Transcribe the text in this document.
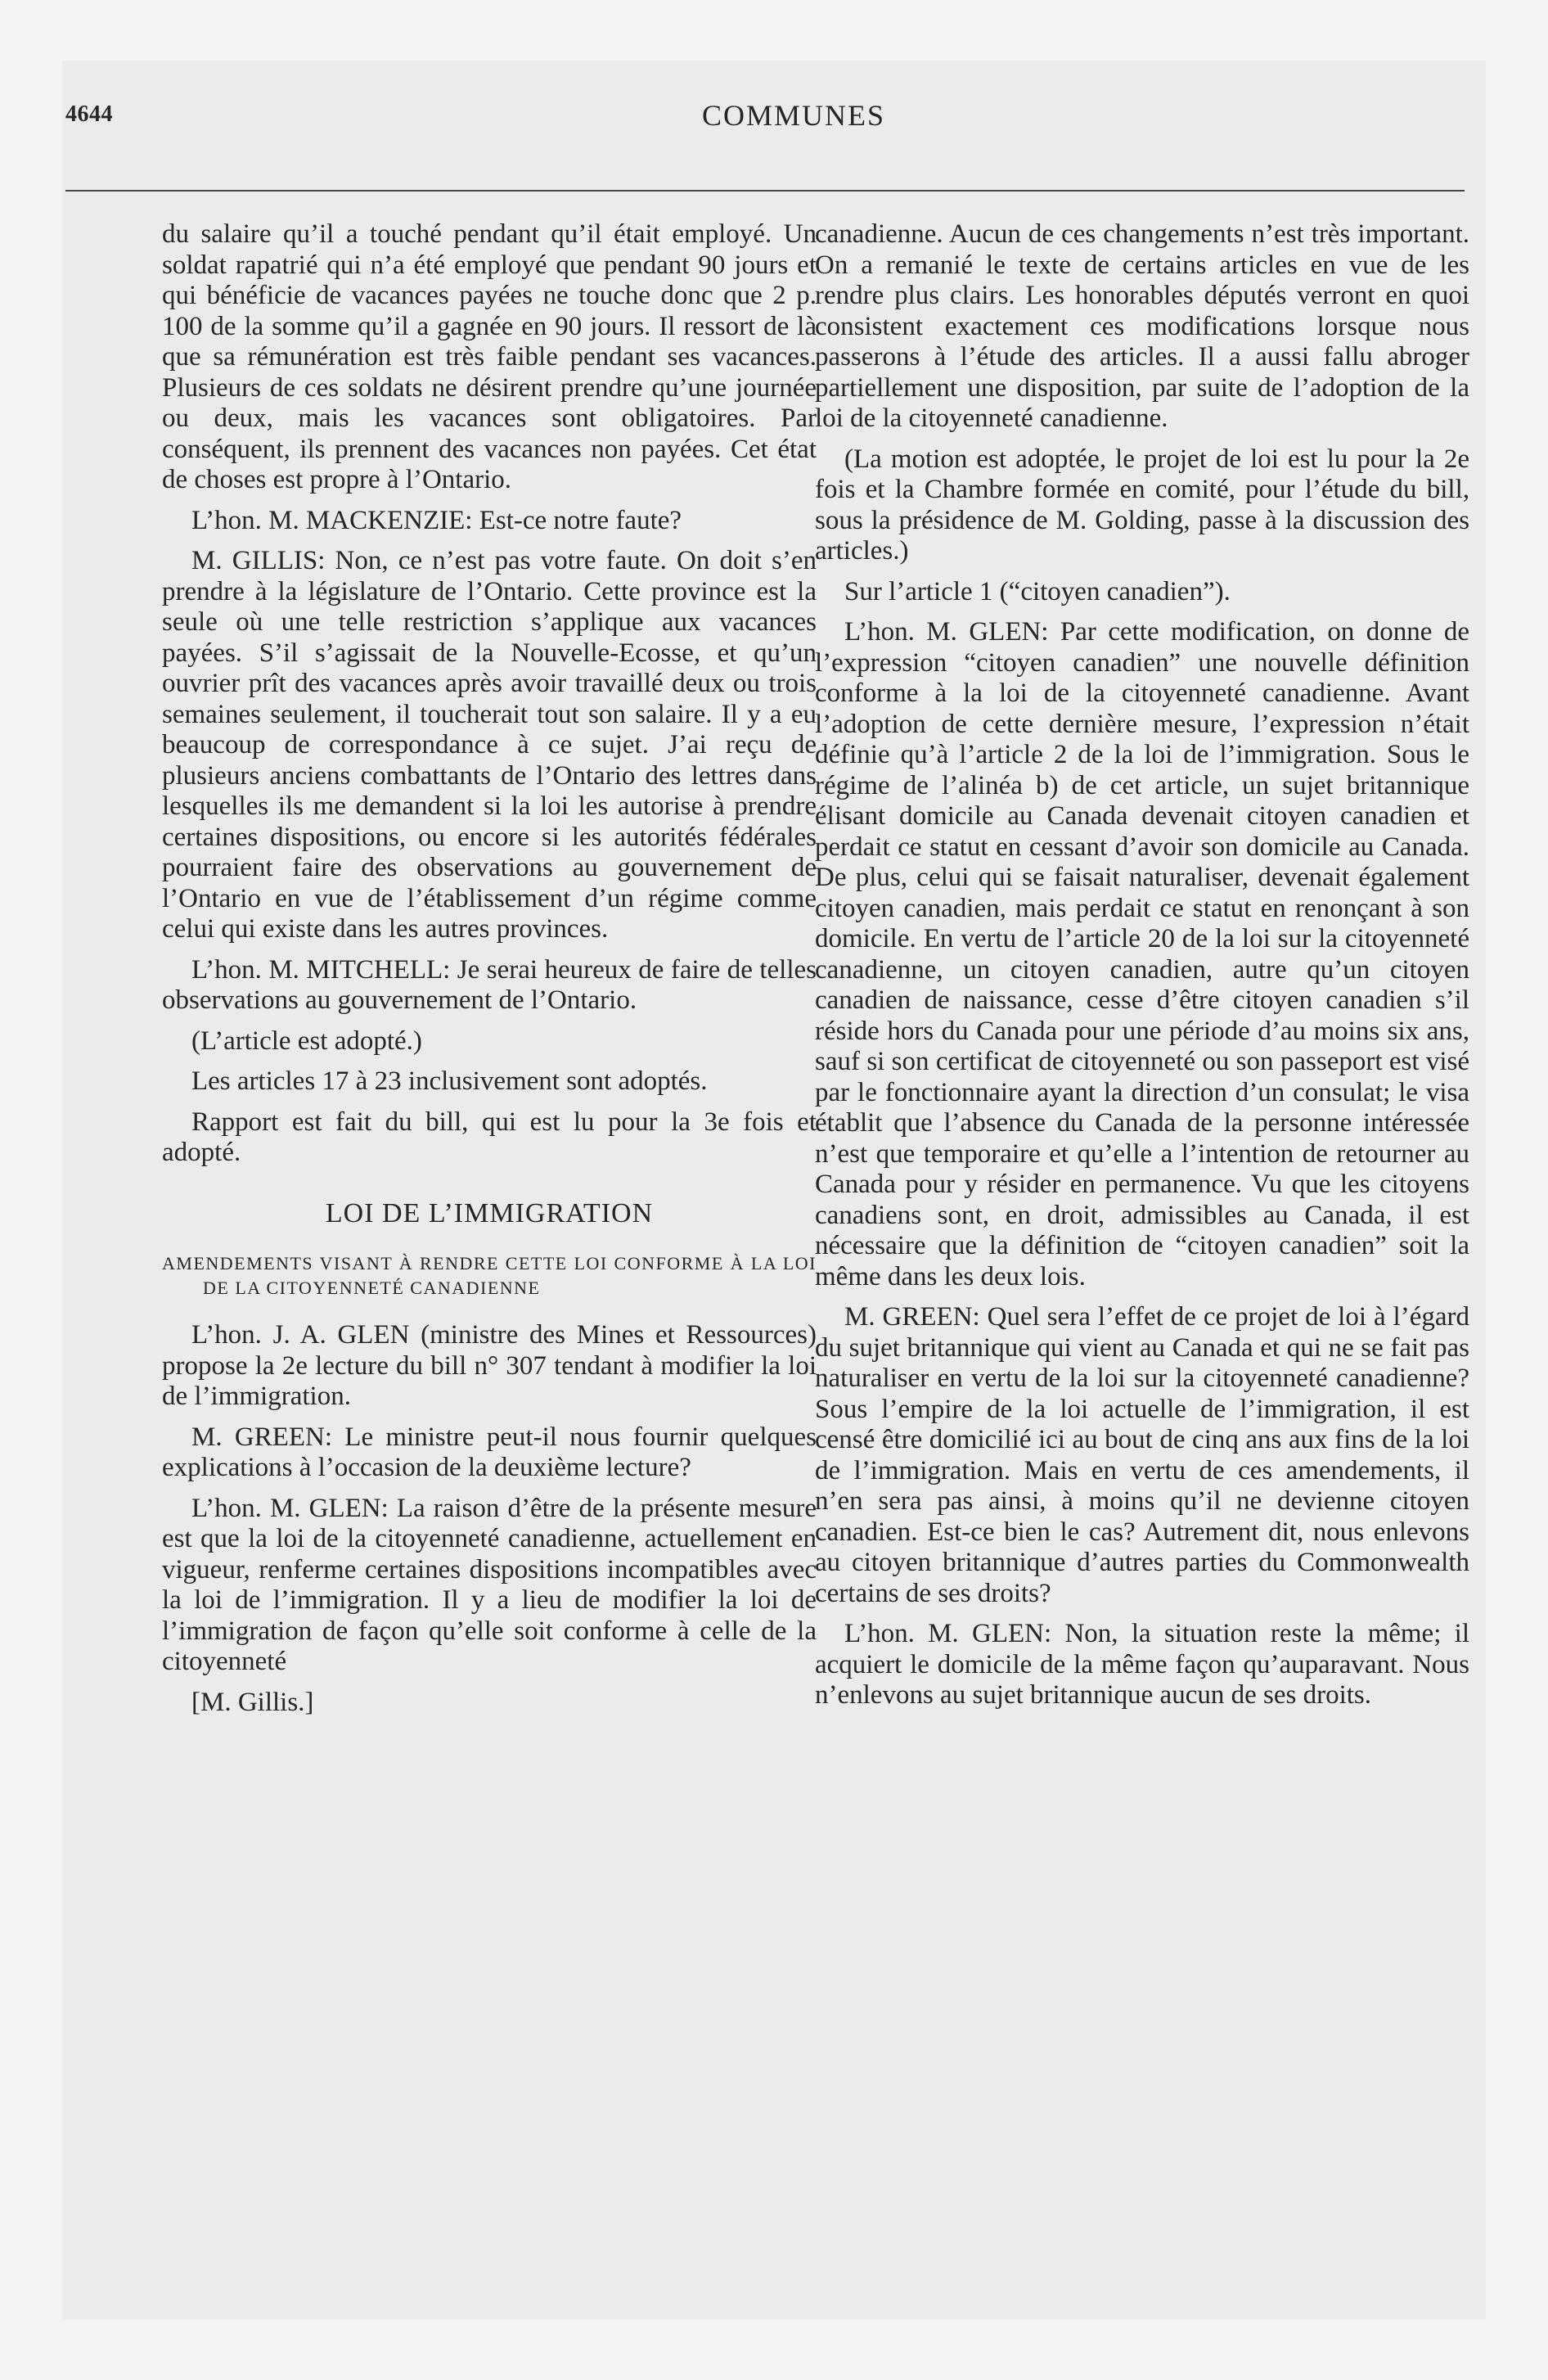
4644	COMMUNES

du salaire qu’il a touché pendant qu’il était employé. Un soldat rapatrié qui n’a été employé que pendant 90 jours et qui bénéficie de vacances payées ne touche donc que 2 p. 100 de la somme qu’il a gagnée en 90 jours. Il ressort de là que sa rémunération est très faible pendant ses vacances. Plusieurs de ces soldats ne désirent prendre qu’une journée ou deux, mais les vacances sont obligatoires. Par conséquent, ils prennent des vacances non payées. Cet état de choses est propre à l’Ontario.

L’hon. M. MACKENZIE: Est-ce notre faute?

M. GILLIS: Non, ce n’est pas votre faute. On doit s’en prendre à la législature de l’Ontario. Cette province est la seule où une telle restriction s’applique aux vacances payées. S’il s’agissait de la Nouvelle-Ecosse, et qu’un ouvrier prît des vacances après avoir travaillé deux ou trois semaines seulement, il toucherait tout son salaire. Il y a eu beaucoup de correspondance à ce sujet. J’ai reçu de plusieurs anciens combattants de l’Ontario des lettres dans lesquelles ils me demandent si la loi les autorise à prendre certaines dispositions, ou encore si les autorités fédérales pourraient faire des observations au gouvernement de l’Ontario en vue de l’établissement d’un régime comme celui qui existe dans les autres provinces.

L’hon. M. MITCHELL: Je serai heureux de faire de telles observations au gouvernement de l’Ontario.

(L’article est adopté.)

Les articles 17 à 23 inclusivement sont adoptés.

Rapport est fait du bill, qui est lu pour la 3e fois et adopté.

LOI DE L’IMMIGRATION
AMENDEMENTS VISANT À RENDRE CETTE LOI CONFORME À LA LOI DE LA CITOYENNETÉ CANADIENNE

L’hon. J. A. GLEN (ministre des Mines et Ressources) propose la 2e lecture du bill n° 307 tendant à modifier la loi de l’immigration.

M. GREEN: Le ministre peut-il nous fournir quelques explications à l’occasion de la deuxième lecture?

L’hon. M. GLEN: La raison d’être de la présente mesure est que la loi de la citoyenneté canadienne, actuellement en vigueur, renferme certaines dispositions incompatibles avec la loi de l’immigration. Il y a lieu de modifier la loi de l’immigration de façon qu’elle soit conforme à celle de la citoyenneté

[M. Gillis.]

canadienne. Aucun de ces changements n’est très important. On a remanié le texte de certains articles en vue de les rendre plus clairs. Les honorables députés verront en quoi consistent exactement ces modifications lorsque nous passerons à l’étude des articles. Il a aussi fallu abroger partiellement une disposition, par suite de l’adoption de la loi de la citoyenneté canadienne.

(La motion est adoptée, le projet de loi est lu pour la 2e fois et la Chambre formée en comité, pour l’étude du bill, sous la présidence de M. Golding, passe à la discussion des articles.)

Sur l’article 1 (“citoyen canadien”).

L’hon. M. GLEN: Par cette modification, on donne de l’expression “citoyen canadien” une nouvelle définition conforme à la loi de la citoyenneté canadienne. Avant l’adoption de cette dernière mesure, l’expression n’était définie qu’à l’article 2 de la loi de l’immigration. Sous le régime de l’alinéa b) de cet article, un sujet britannique élisant domicile au Canada devenait citoyen canadien et perdait ce statut en cessant d’avoir son domicile au Canada. De plus, celui qui se faisait naturaliser, devenait également citoyen canadien, mais perdait ce statut en renonçant à son domicile. En vertu de l’article 20 de la loi sur la citoyenneté canadienne, un citoyen canadien, autre qu’un citoyen canadien de naissance, cesse d’être citoyen canadien s’il réside hors du Canada pour une période d’au moins six ans, sauf si son certificat de citoyenneté ou son passeport est visé par le fonctionnaire ayant la direction d’un consulat; le visa établit que l’absence du Canada de la personne intéressée n’est que temporaire et qu’elle a l’intention de retourner au Canada pour y résider en permanence. Vu que les citoyens canadiens sont, en droit, admissibles au Canada, il est nécessaire que la définition de “citoyen canadien” soit la même dans les deux lois.

M. GREEN: Quel sera l’effet de ce projet de loi à l’égard du sujet britannique qui vient au Canada et qui ne se fait pas naturaliser en vertu de la loi sur la citoyenneté canadienne? Sous l’empire de la loi actuelle de l’immigration, il est censé être domicilié ici au bout de cinq ans aux fins de la loi de l’immigration. Mais en vertu de ces amendements, il n’en sera pas ainsi, à moins qu’il ne devienne citoyen canadien. Est-ce bien le cas? Autrement dit, nous enlevons au citoyen britannique d’autres parties du Commonwealth certains de ses droits?

L’hon. M. GLEN: Non, la situation reste la même; il acquiert le domicile de la même façon qu’auparavant. Nous n’enlevons au sujet britannique aucun de ses droits.
